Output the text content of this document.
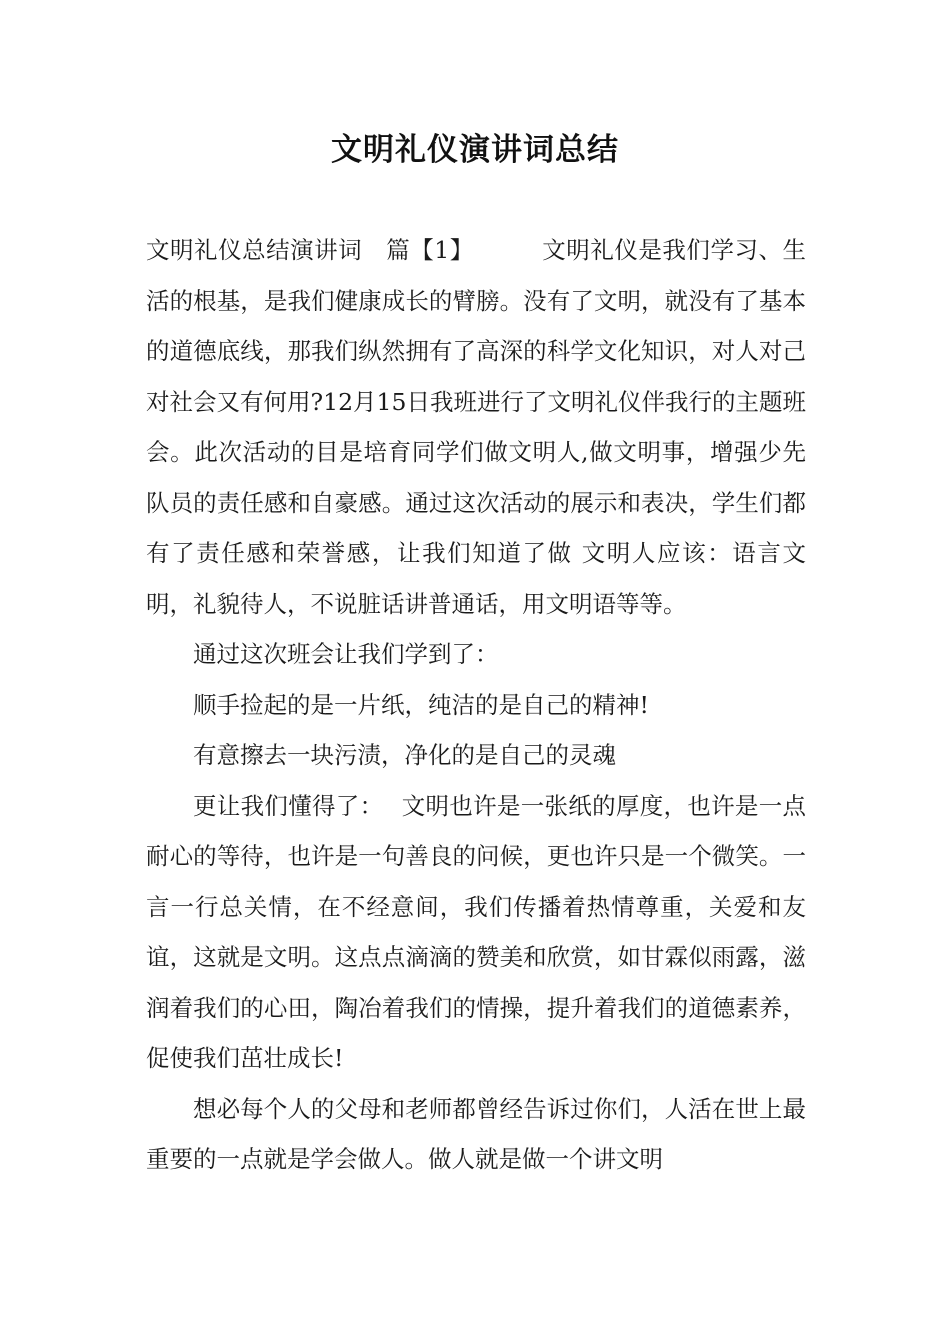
文明礼仪演讲词总结

文明礼仪总结演讲词　篇【1】	文明礼仪是我们学习、生活的根基，是我们健康成长的臂膀。没有了文明，就没有了基本的道德底线，那我们纵然拥有了高深的科学文化知识，对人对己对社会又有何用?12月15日我班进行了文明礼仪伴我行的主题班会。此次活动的目是培育同学们做文明人,做文明事，增强少先队员的责任感和自豪感。通过这次活动的展示和表决，学生们都有了责任感和荣誉感，让我们知道了做 文明人应该：语言文明，礼貌待人，不说脏话讲普通话，用文明语等等。

通过这次班会让我们学到了：

顺手捡起的是一片纸，纯洁的是自己的精神!

有意擦去一块污渍，净化的是自己的灵魂

更让我们懂得了： 文明也许是一张纸的厚度，也许是一点耐心的等待，也许是一句善良的问候，更也许只是一个微笑。一言一行总关情，在不经意间，我们传播着热情尊重，关爱和友谊，这就是文明。这点点滴滴的赞美和欣赏，如甘霖似雨露，滋润着我们的心田，陶冶着我们的情操，提升着我们的道德素养，促使我们茁壮成长!

想必每个人的父母和老师都曾经告诉过你们，人活在世上最重要的一点就是学会做人。做人就是做一个讲文明
